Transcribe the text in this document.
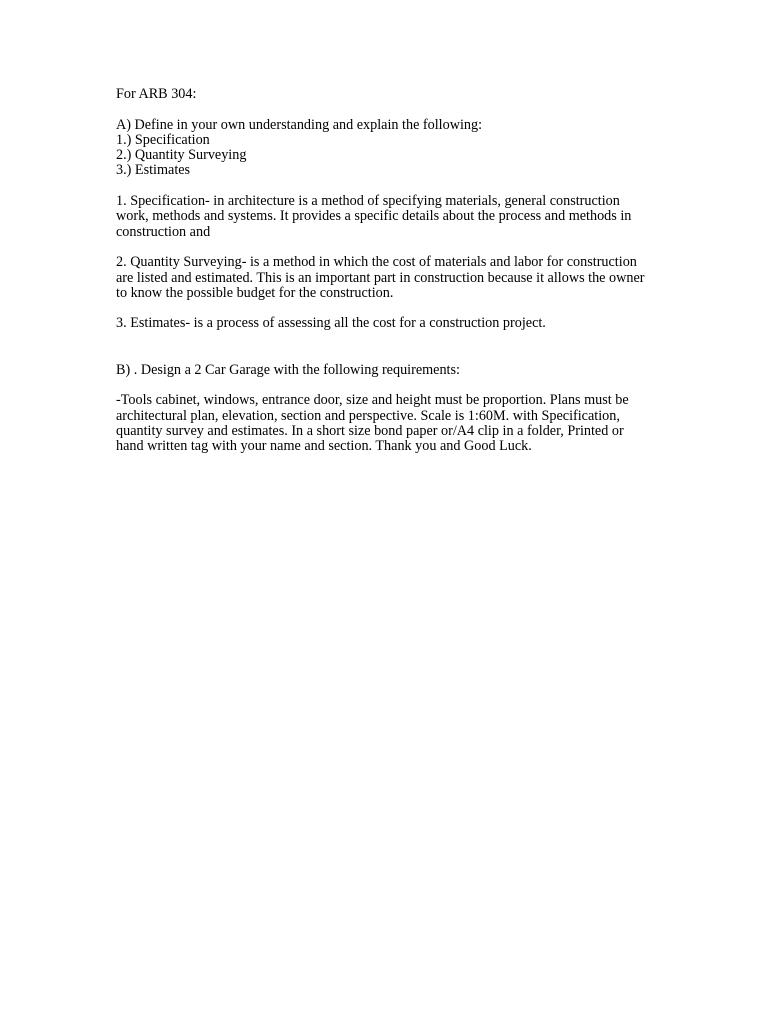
For ARB 304:
A) Define in your own understanding and explain the following:
1.) Specification
2.) Quantity Surveying
3.) Estimates
1. Specification- in architecture is a method of specifying materials, general construction
work, methods and systems. It provides a specific details about the process and methods in
construction and
2. Quantity Surveying- is a method in which the cost of materials and labor for construction
are listed and estimated. This is an important part in construction because it allows the owner
to know the possible budget for the construction.
3. Estimates- is a process of assessing all the cost for a construction project.
B) . Design a 2 Car Garage with the following requirements:
-Tools cabinet, windows, entrance door, size and height must be proportion. Plans must be
architectural plan, elevation, section and perspective. Scale is 1:60M. with Specification,
quantity survey and estimates. In a short size bond paper or/A4 clip in a folder, Printed or
hand written tag with your name and section. Thank you and Good Luck.
